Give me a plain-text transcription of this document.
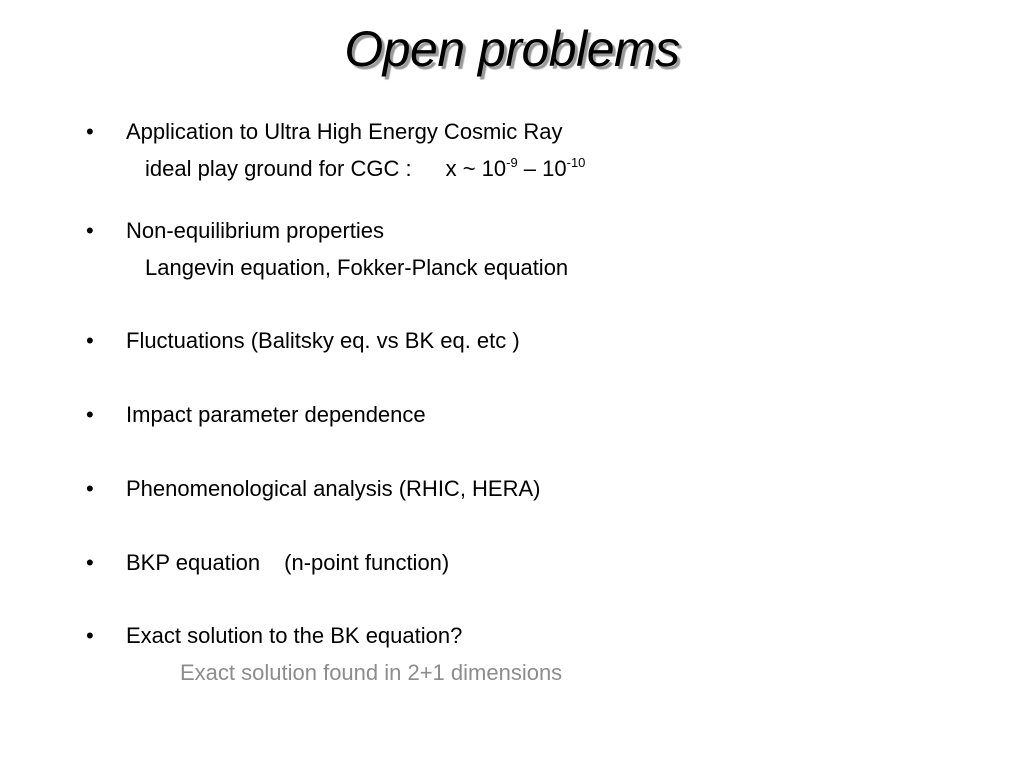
Open problems
• Application to Ultra High Energy Cosmic Ray
ideal play ground for CGC : x ~ $10^{-9} - 10^{-10}$
• Non-equilibrium properties
Langevin equation, Fokker-Planck equation
• Fluctuations (Balitsky eq. vs BK eq. etc )
• Impact parameter dependence
• Phenomenological analysis (RHIC, HERA)
• BKP equation (n-point function)
• Exact solution to the BK equation?
Exact solution found in 2+1 dimensions
